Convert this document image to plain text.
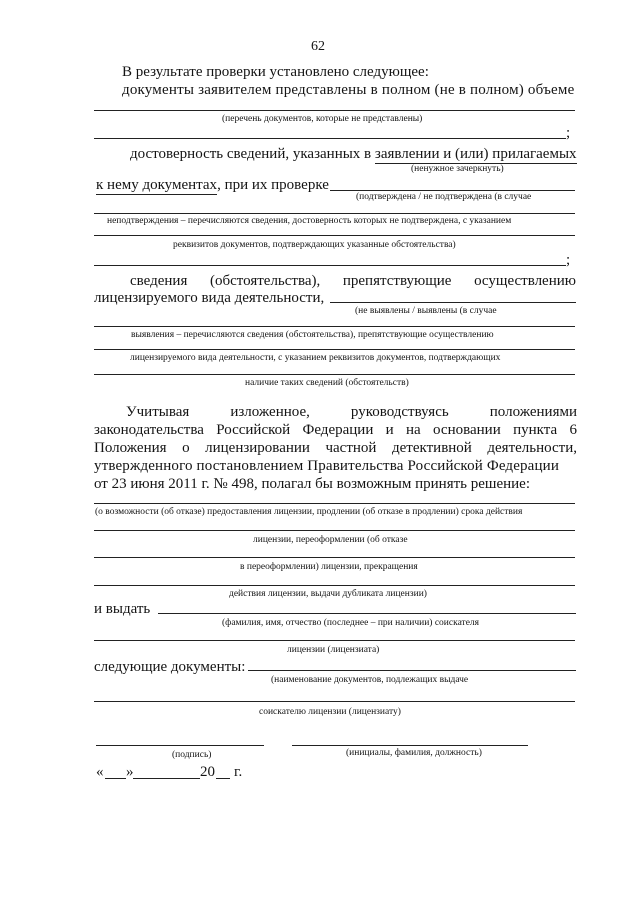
62
В результате проверки установлено следующее:
документы заявителем представлены в полном (не в полном) объеме
(перечень документов, которые не представлены)
;
достоверность сведений, указанных в заявлении и (или) прилагаемых
(ненужное зачеркнуть)
к нему документах, при их проверке
(подтверждена / не подтверждена (в случае
неподтверждения – перечисляются сведения, достоверность которых не подтверждена, с указанием
реквизитов документов, подтверждающих указанные обстоятельства)
;
сведения (обстоятельства), препятствующие осуществлению
лицензируемого вида деятельности,
(не выявлены / выявлены (в случае
выявления – перечисляются сведения (обстоятельства), препятствующие осуществлению
лицензируемого вида деятельности, с указанием реквизитов документов, подтверждающих
наличие таких сведений (обстоятельств)
Учитывая	изложенное,	руководствуясь	положениями
законодательства Российской Федерации и на основании пункта 6
Положения о лицензировании частной детективной деятельности,
утвержденного постановлением Правительства Российской Федерации
от 23 июня 2011 г. № 498, полагал бы возможным принять решение:
(о возможности (об отказе) предоставления лицензии, продлении (об отказе в продлении) срока действия
лицензии, переоформлении (об отказе
в переоформлении) лицензии, прекращения
действия лицензии, выдачи дубликата лицензии)
и выдать
(фамилия, имя, отчество (последнее – при наличии) соискателя
лицензии (лицензиата)
следующие документы:
(наименование документов, подлежащих выдаче
соискателю лицензии (лицензиату)
(подпись)	(инициалы, фамилия, должность)
« »	20 г.
